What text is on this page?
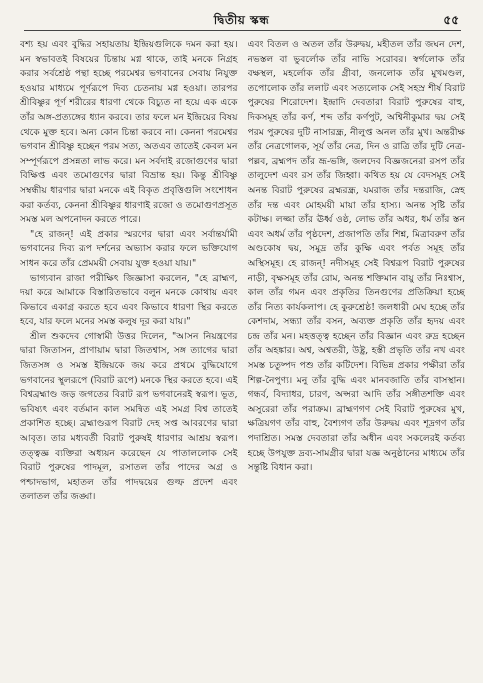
দ্বিতীয় স্কন্ধ	৫৫

বশ্য হয় এবং বুদ্ধির সহায়তায় ইন্দ্রিয়গুলিকে দমন করা হয়। মন স্বভাবতই বিষয়ের চিন্তায় মগ্ন থাকে, তাই মনকে নিগ্রহ করার সর্বশ্রেষ্ঠ পন্থা হচ্ছে পরমেশ্বর ভগবানের সেবায় নিযুক্ত হওয়ার মাধ্যমে পূর্ণরূপে দিব্য চেতনায় মগ্ন হওয়া। তারপর শ্রীবিষ্ণুর পূর্ণ শরীরের ধারণা থেকে বিচ্যুত না হয়ে এক একে তাঁর অঙ্গ-প্রত্যঙ্গের ধ্যান করবে। তার ফলে মন ইন্দ্রিয়ের বিষয় থেকে মুক্ত হবে। অন্য কোন চিন্তা করবে না। কেননা পরমেশ্বর ভগবান শ্রীবিষ্ণু হচ্ছেন পরম সত্য, অতএব তাতেই কেবল মন সম্পূর্ণরূপে প্রসন্নতা লাভ করে। মন সর্বদাই রজোগুণের দ্বারা বিক্ষিপ্ত এবং তমোগুণের দ্বারা বিভ্রান্ত হয়। কিন্তু শ্রীবিষ্ণু সম্বন্ধীয় ধারণার দ্বারা মনকে এই বিকৃত প্রবৃত্তিগুলি সংশোধন করা কর্তব্য, কেননা শ্রীবিষ্ণুর ধারণাই রজো ও তমোগুণপ্রসূত সমস্ত মল অপনোদন করতে পারে।

"হে রাজন্! এই প্রকার স্মরণের দ্বারা এবং সর্বান্তর্যামী ভগবানের দিব্য রূপ দর্শনের অভ্যাস করার ফলে ভক্তিযোগ সাধন করে তাঁর প্রেমময়ী সেবায় যুক্ত হওয়া যায়।"

ভাগ্যবান রাজা পরীক্ষিৎ জিজ্ঞাসা করলেন, "হে ব্রাহ্মণ, দয়া করে আমাকে বিস্তারিতভাবে বলুন মনকে কোথায় এবং কিভাবে একাগ্র করতে হবে এবং কিভাবে ধারণা স্থির করতে হবে, যার ফলে মনের সমস্ত কলুষ দূর করা যায়।"

শ্রীল শুকদেব গোস্বামী উত্তর দিলেন, "আসন নিয়ন্ত্রণের দ্বারা জিতাসন, প্রাণায়াম দ্বারা জিতশ্বাস, সঙ্গ ত্যাগের দ্বারা জিতসঙ্গ ও সমস্ত ইন্দ্রিয়কে জয় করে প্রথমে বুদ্ধিযোগে ভগবানের স্থূলরূপে (বিরাট রূপে) মনকে স্থির করতে হবে। এই বিশ্বব্রহ্মাণ্ড জড় জগতের বিরাট রূপ ভগবানেরই স্বরূপ। ভূত, ভবিষ্যৎ এবং বর্তমান কাল সমন্বিত এই সমগ্র বিশ্ব তাতেই প্রকাশিত হচ্ছে। ব্রহ্মাণ্ডরূপ বিরাট দেহ সপ্ত আবরণের দ্বারা আবৃত। তার মধ্যবর্তী বিরাট পুরুষই ধারণার আশ্রয় স্বরূপ। তত্ত্বজ্ঞ ব্যক্তিরা অধ্যয়ন করেছেন যে পাতাললোক সেই বিরাট পুরুষের পাদমূল, রসাতল তাঁর পাদের অগ্র ও পশ্চাদভাগ, মহাতল তাঁর পাদদ্বয়ের গুল্ফ প্রদেশ এবং তলাতল তাঁর জঙ্ঘা।

এবং বিতল ও অতল তাঁর উরুদ্বয়, মহীতল তাঁর জঘন দেশ, নভস্তল বা ভুবর্লোক তাঁর নাভি সরোবর। স্বর্গলোক তাঁর বক্ষস্থল, মহর্লোক তাঁর গ্রীবা, জনলোক তাঁর মুখমণ্ডল, তপোলোক তাঁর ললাট এবং সত্যলোক সেই সহস্র শীর্ষ বিরাট পুরুষের শিরোদেশ। ইন্দ্রাদি দেবতারা বিরাট পুরুষের বাহু, দিকসমূহ তাঁর কর্ণ, শব্দ তাঁর কর্ণপুট, অশ্বিনীকুমার দ্বয় সেই পরম পুরুষের দুটি নাসারন্ধ্র, নীলুপ্ত অনল তাঁর মুখ। অন্তরীক্ষ তাঁর নেত্রগোলক, সূর্য তাঁর নেত্র, দিন ও রাত্রি তাঁর দুটি নেত্র-পল্লব, ব্রহ্মপদ তাঁর ভ্রূ-ভঙ্গি, জলদেব বিজ্ঞজনেরা রসপ তাঁর তালুদেশ এবং রস তাঁর জিহ্বা। কথিত হয় যে বেদসমূহ সেই অনন্ত বিরাট পুরুষের ব্রহ্মরন্ধ্র, যমরাজ তাঁর দন্তরাজি, স্নেহ তাঁর দন্ত এবং মোহময়ী মায়া তাঁর হাস্য। অনন্ত সৃষ্টি তাঁর কটাক্ষ। লজ্জা তাঁর ঊর্ধ্ব ওষ্ঠ, লোভ তাঁর অধর, ধর্ম তাঁর স্তন এবং অধর্ম তাঁর পৃষ্ঠদেশ, প্রজাপতি তাঁর শিশ্ন, মিত্রাবরুণ তাঁর অণ্ডকোষ দ্বয়, সমুদ্র তাঁর কুক্ষি এবং পর্বত সমূহ তাঁর অস্থিসমূহ। হে রাজন্! নদীসমূহ সেই বিশ্বরূপ বিরাট পুরুষের নাড়ী, বৃক্ষসমূহ তাঁর রোম, অনন্ত শক্তিমান বায়ু তাঁর নিঃশ্বাস, কাল তাঁর গমন এবং প্রকৃতির তিনগুণের প্রতিক্রিয়া হচ্ছে তাঁর নিত্য কার্যকলাপ। হে কুরুশ্রেষ্ঠ! জলধারী মেঘ হচ্ছে তাঁর কেশদাম, সন্ধ্যা তাঁর বসন, অব্যক্ত প্রকৃতি তাঁর হৃদয় এবং চন্দ্র তাঁর মন। মহত্তত্ত্ব হচ্ছেন তাঁর বিজ্ঞান এবং রুদ্র হচ্ছেন তাঁর অহঙ্কার। অশ্ব, অশ্বতরী, উষ্ট্র, হস্তী প্রভৃতি তাঁর নখ এবং সমস্ত চতুষ্পদ পশু তাঁর কটিদেশ। বিভিন্ন প্রকার পক্ষীরা তাঁর শিল্প-নৈপুণ্য। মনু তাঁর বুদ্ধি এবং মানবজাতি তাঁর বাসস্থান। গন্ধর্ব, বিদ্যাধর, চারণ, অপ্সরা আদি তাঁর সঙ্গীতশক্তি এবং অসুরেরা তাঁর পরাক্রম। ব্রাহ্মণগণ সেই বিরাট পুরুষের মুখ, ক্ষত্রিয়গণ তাঁর বাহু, বৈশ্যগণ তাঁর উরুদ্বয় এবং শূদ্রগণ তাঁর পদাশ্রিত। সমস্ত দেবতারা তাঁর অধীন এবং সকলেরই কর্তব্য হচ্ছে উপযুক্ত দ্রব্য-সামগ্রীর দ্বারা যজ্ঞ অনুষ্ঠানের মাধ্যমে তাঁর সন্তুষ্টি বিধান করা।
